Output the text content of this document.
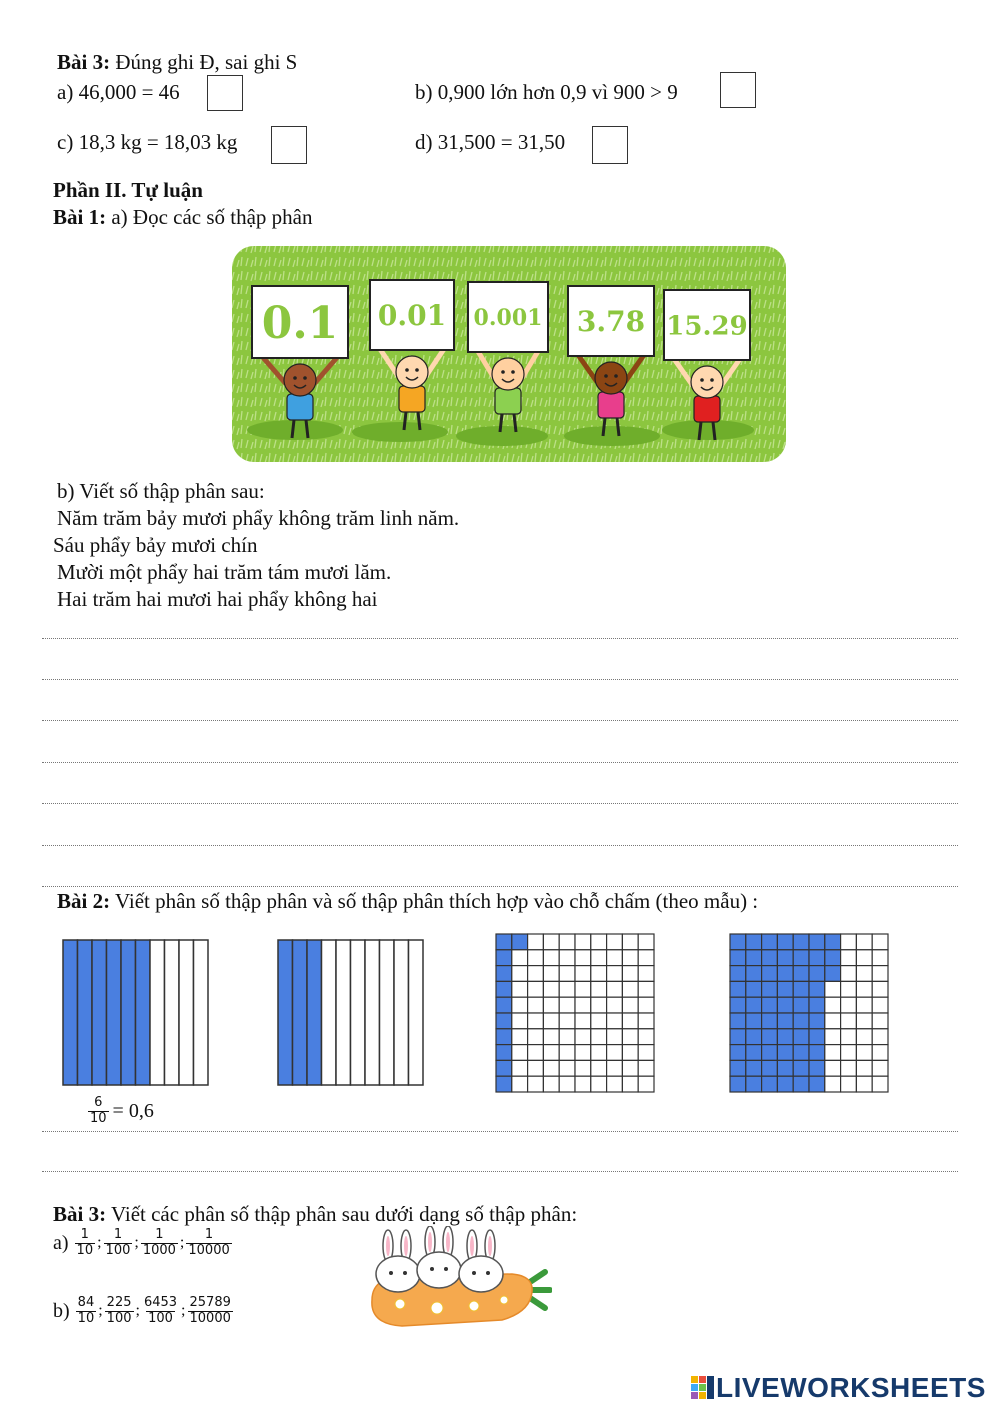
Bài 3: Đúng ghi Đ, sai ghi S
a) 46,000 = 46	b) 0,900 lớn hơn 0,9 vì 900 > 9
c) 18,3 kg = 18,03 kg	d) 31,500 = 31,50
Phần II. Tự luận
Bài 1: a) Đọc các số thập phân
0.1 0.01 0.001 3.78 15.29
b) Viết số thập phân sau:
Năm trăm bảy mươi phẩy không trăm linh năm.
Sáu phẩy bảy mươi chín
Mười một phẩy hai trăm tám mươi lăm.
Hai trăm hai mươi hai phẩy không hai
Bài 2: Viết phân số thập phân và số thập phân thích hợp vào chỗ chấm (theo mẫu) :
$\frac{6}{10} = 0,6$
Bài 3: Viết các phân số thập phân sau dưới dạng số thập phân:
$a) \frac{1}{10}$ ; $\frac{1}{100}$ ; $\frac{1}{1000}$ ; $\frac{1}{10000}$
$b) \frac{84}{10}$ ; $\frac{225}{100}$ ; $\frac{6453}{100}$ ; $\frac{25789}{10000}$
LIVEWORKSHEETS
